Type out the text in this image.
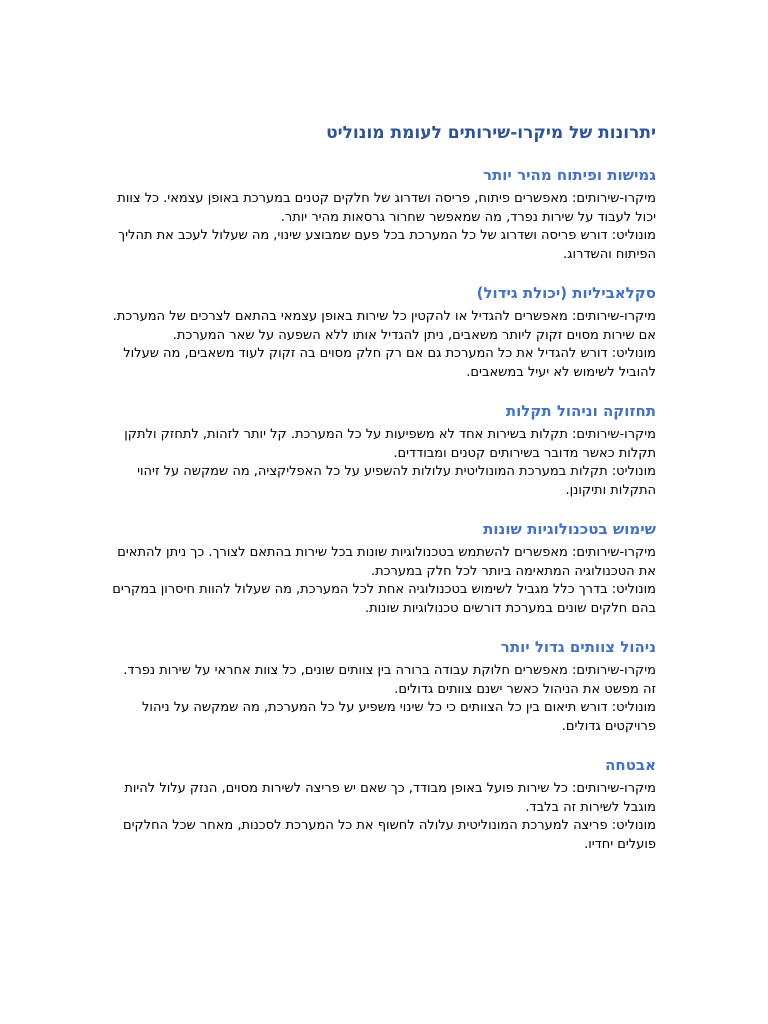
יתרונות של מיקרו-שירותים לעומת מונוליט
גמישות ופיתוח מהיר יותר

מיקרו-שירותים: מאפשרים פיתוח, פריסה ושדרוג של חלקים קטנים במערכת באופן עצמאי. כל צוות יכול לעבוד על שירות נפרד, מה שמאפשר שחרור גרסאות מהיר יותר.

מונוליט: דורש פריסה ושדרוג של כל המערכת בכל פעם שמבוצע שינוי, מה שעלול לעכב את תהליך הפיתוח והשדרוג.

סקלאביליות (יכולת גידול)

מיקרו-שירותים: מאפשרים להגדיל או להקטין כל שירות באופן עצמאי בהתאם לצרכים של המערכת. אם שירות מסוים זקוק ליותר משאבים, ניתן להגדיל אותו ללא השפעה על שאר המערכת.

מונוליט: דורש להגדיל את כל המערכת גם אם רק חלק מסוים בה זקוק לעוד משאבים, מה שעלול להוביל לשימוש לא יעיל במשאבים.

תחזוקה וניהול תקלות

מיקרו-שירותים: תקלות בשירות אחד לא משפיעות על כל המערכת. קל יותר לזהות, לתחזק ולתקן תקלות כאשר מדובר בשירותים קטנים ומבודדים.

מונוליט: תקלות במערכת המונוליטית עלולות להשפיע על כל האפליקציה, מה שמקשה על זיהוי התקלות ותיקונן.

שימוש בטכנולוגיות שונות

מיקרו-שירותים: מאפשרים להשתמש בטכנולוגיות שונות בכל שירות בהתאם לצורך. כך ניתן להתאים את הטכנולוגיה המתאימה ביותר לכל חלק במערכת.

מונוליט: בדרך כלל מגביל לשימוש בטכנולוגיה אחת לכל המערכת, מה שעלול להוות חיסרון במקרים בהם חלקים שונים במערכת דורשים טכנולוגיות שונות.

ניהול צוותים גדול יותר

מיקרו-שירותים: מאפשרים חלוקת עבודה ברורה בין צוותים שונים, כל צוות אחראי על שירות נפרד. זה מפשט את הניהול כאשר ישנם צוותים גדולים.

מונוליט: דורש תיאום בין כל הצוותים כי כל שינוי משפיע על כל המערכת, מה שמקשה על ניהול פרויקטים גדולים.

אבטחה

מיקרו-שירותים: כל שירות פועל באופן מבודד, כך שאם יש פריצה לשירות מסוים, הנזק עלול להיות מוגבל לשירות זה בלבד.

מונוליט: פריצה למערכת המונוליטית עלולה לחשוף את כל המערכת לסכנות, מאחר שכל החלקים פועלים יחדיו.
